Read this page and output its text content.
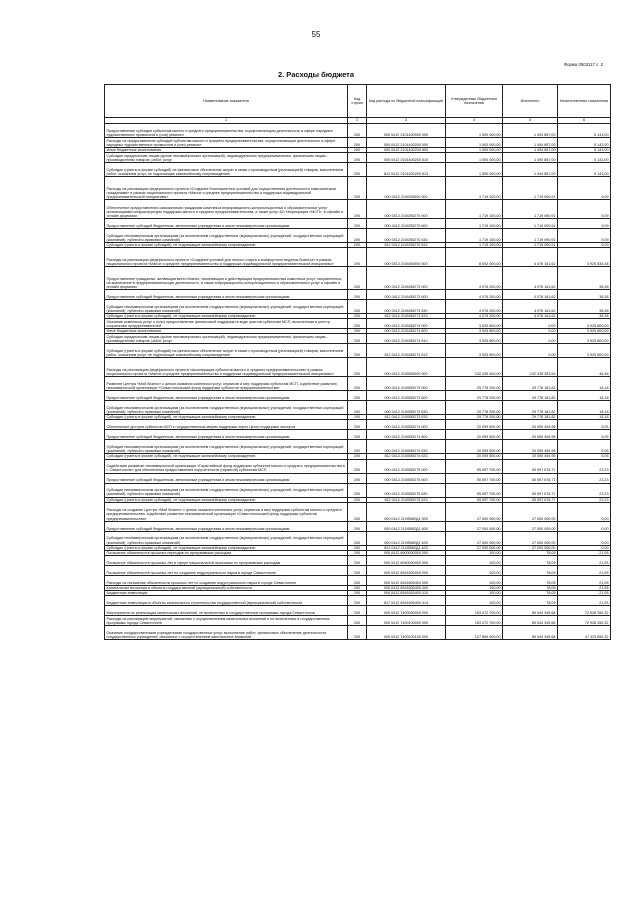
55
Форма 0503117 с. 2
2. Расходы бюджета
Наименование показателя	Код строки	Код расхода по бюджетной классификации	Утвержденные бюджетные назначения	Исполнено	Неисполненные назначения
1	2	3	4	5	6
Предоставление субсидии субъектам малого и среднего предпринимательства, осуществляющим деятельность в сфере народных художественных промыслов и (или) ремесел	200	000 0412 2101400000 000	1 500 000,00	1 494 857,00	5 143,00
Расходы на предоставление субсидий субъектам малого и среднего предпринимательства, осуществляющим деятельность в сфере народных художественных промыслов и (или) ремесел	200	000 0412 2101400200 000	1 500 000,00	1 494 857,00	5 143,00
Иные бюджетные ассигнования	200	000 0412 2101400200 800	1 500 000,00	1 494 857,00	5 143,00
Субсидии юридическим лицам (кроме некоммерческих организаций), индивидуальным предпринимателям, физическим лицам - производителям товаров, работ, услуг	200	000 0412 2101400200 810	1 500 000,00	1 494 857,00	5 143,00
Субсидии (гранты в форме субсидий) на финансовое обеспечение затрат в связи с производством (реализацией) товаров, выполнением работ, оказанием услуг, не подлежащие казначейскому сопровождению	200	812 0412 2101400200 813	1 500 000,00	1 494 857,00	5 143,00
Расходы на реализацию федерального проекта «Создание благоприятных условий для осуществления деятельности самозанятыми гражданами» в рамках национального проекта «Малое и среднее предпринимательство и поддержка индивидуальной предпринимательской инициативы»	200	000 0412 210I200000 000	1 719 100,00	1 719 090,91	9,09
Обеспечение предоставления самозанятым гражданам комплекса информационно-консультационных и образовательных услуг организациями инфраструктуры поддержки малого и среднего предпринимательства, а также услуг АО «Корпорация «МСП», в офлайн и онлайн форматах	200	000 0412 210I255270 000	1 719 100,00	1 719 090,91	9,09
Предоставление субсидий бюджетным, автономным учреждениям и иным некоммерческим организациям	200	000 0412 210I255270 600	1 719 100,00	1 719 090,91	9,09
Субсидии некоммерческим организациям (за исключением государственных (муниципальных) учреждений, государственных корпораций (компаний), публично-правовых компаний)	200	000 0412 210I255270 630	1 719 100,00	1 719 090,91	9,09
Субсидии (гранты в форме субсидий), не подлежащие казначейскому сопровождению	200	812 0412 210I255270 633	1 719 100,00	1 719 090,91	9,09
Расходы на реализацию федерального проекта «Создание условий для легкого старта и комфортного ведения бизнеса» в рамках национального проекта «Малое и среднее предпринимательство и поддержка индивидуальной предпринимательской инициативы»	200	000 0412 210I400000 000	8 002 000,00	4 076 161,62	3 925 838,38
Предоставление гражданам, желающим вести бизнес, начинающим и действующим предпринимателям комплекса услуг, направленных на вовлечение в предпринимательскую деятельность, а также информационно-консультационных и образовательных услуг в офлайн и онлайн форматах	200	000 0412 210I455273 000	4 076 200,00	4 076 161,62	38,38
Предоставление субсидий бюджетным, автономным учреждениям и иным некоммерческим организациям	200	000 0412 210I455273 600	4 076 200,00	4 076 161,62	38,38
Субсидии некоммерческим организациям (за исключением государственных (муниципальных) учреждений, государственных корпораций (компаний), публично-правовых компаний)	200	000 0412 210I455273 630	4 076 200,00	4 076 161,62	38,38
Субсидии (гранты в форме субсидий), не подлежащие казначейскому сопровождению	200	812 0412 210I455273 633	4 076 200,00	4 076 161,62	38,38
Оказание комплекса услуг и (или) предоставление финансовой поддержки в виде грантов субъектам МСП, включенным в реестр социальных предпринимателей	200	000 0412 210I455274 000	3 925 800,00	0,00	3 925 800,00
Иные бюджетные ассигнования	200	000 0412 210I455274 800	3 925 800,00	0,00	3 925 800,00
Субсидии юридическим лицам (кроме некоммерческих организаций), индивидуальным предпринимателям, физическим лицам - производителям товаров, работ, услуг	200	000 0412 210I455274 810	3 925 800,00	0,00	3 925 800,00
Субсидии (гранты в форме субсидий) на финансовое обеспечение затрат в связи с производством (реализацией) товаров, выполнением работ, оказанием услуг, не подлежащие казначейскому сопровождению	200	812 0412 210I455274 813	3 925 800,00	0,00	3 925 800,00
Расходы на реализацию федерального проекта «Акселерация субъектов малого и среднего предпринимательства» в рамках национального проекта «Малое и среднее предпринимательство и поддержка индивидуальной предпринимательской инициативы»	200	000 0412 210I500000 000	132 435 400,00	132 435 353,54	46,46
Развитие Центра «Мой бизнес» с целью оказания комплекса услуг, сервисов и мер поддержки субъектам МСП, содействие развитию некоммерческой организации «Севастопольский фонд поддержки субъектов предпринимательства»	200	000 0412 210I555273 000	29 778 200,00	29 778 181,82	18,18
Предоставление субсидий бюджетным, автономным учреждениям и иным некоммерческим организациям	200	000 0412 210I555273 600	29 778 200,00	29 778 181,82	18,18
Субсидии некоммерческим организациям (за исключением государственных (муниципальных) учреждений, государственных корпораций (компаний), публично-правовых компаний)	200	000 0412 210I555273 630	29 778 200,00	29 778 181,82	18,18
Субсидии (гранты в форме субсидий), не подлежащие казначейскому сопровождению	200	812 0412 210I555273 633	29 778 200,00	29 778 181,82	18,18
Обеспечение доступа субъектов МСП к государственным мерам поддержки через Центр поддержки экспорта	200	000 0412 210I555274 000	20 059 500,00	20 059 494,95	5,05
Предоставление субсидий бюджетным, автономным учреждениям и иным некоммерческим организациям	200	000 0412 210I555274 600	20 059 500,00	20 059 494,95	5,05
Субсидии некоммерческим организациям (за исключением государственных (муниципальных) учреждений, государственных корпораций (компаний), публично-правовых компаний)	200	000 0412 210I555274 630	20 059 500,00	20 059 494,95	5,05
Субсидии (гранты в форме субсидий), не подлежащие казначейскому сопровождению	200	812 0412 210I555274 633	20 059 500,00	20 059 494,95	5,05
Содействие развитию некоммерческой организации «Гарантийный фонд поддержки субъектов малого и среднего предпринимательства в г. Севастополе» для обеспечения предоставления поручительств (гарантий) субъектам МСП	200	000 0412 210I555275 000	55 597 700,00	55 597 676,77	23,23
Предоставление субсидий бюджетным, автономным учреждениям и иным некоммерческим организациям	200	000 0412 210I555275 600	55 597 700,00	55 597 676,77	23,23
Субсидии некоммерческим организациям (за исключением государственных (муниципальных) учреждений, государственных корпораций (компаний), публично-правовых компаний)	200	000 0412 210I555275 630	55 597 700,00	55 597 676,77	23,23
Субсидии (гранты в форме субсидий), не подлежащие казначейскому сопровождению	200	812 0412 210I555275 633	55 597 700,00	55 597 676,77	23,23
Расходы на создание Центра «Мой бизнес» с целью оказания комплекса услуг, сервисов и мер поддержки субъектам малого и среднего предпринимательства, содействие развитию некоммерческой организации «Севастопольский фонд поддержки субъектов предпринимательства»	200	000 0412 210I5582Д1 000	27 000 000,00	27 000 000,00	0,00
Предоставление субсидий бюджетным, автономным учреждениям и иным некоммерческим организациям	200	000 0412 210I5582Д1 600	27 000 000,00	27 000 000,00	0,00
Субсидии некоммерческим организациям (за исключением государственных (муниципальных) учреждений, государственных корпораций (компаний), публично-правовых компаний)	200	000 0412 210I5582Д1 630	27 000 000,00	27 000 000,00	0,00
Субсидии (гранты в форме субсидий), не подлежащие казначейскому сопровождению	200	812 0412 210I5582Д1 633	27 000 000,00	27 000 000,00	0,00
Погашение обязательств прошлых периодов по программным расходам	200	000 0412 6900000000 000	100,00	78,05	21,95
Погашение обязательств прошлых лет в сфере национальной экономики по программным расходам	200	000 0412 6940000000 000	100,00	78,05	21,95
Погашение обязательств прошлых лет по созданию индустриального парка в городе Севастополе	200	000 0412 6941800000 000	100,00	78,05	21,95
Расходы на погашение обязательств прошлых лет по созданию индустриального парка в городе Севастополе	200	000 0412 6941800400 000	100,00	78,05	21,95
Капитальные вложения в объекты государственной (муниципальной) собственности	200	000 0412 6941800400 400	100,00	78,05	21,95
Бюджетные инвестиции	200	000 0412 6941800400 410	100,00	78,05	21,95
Бюджетные инвестиции в объекты капитального строительства государственной (муниципальной) собственности	200	817 0412 6941800400 414	100,00	78,05	21,95
Мероприятия по реализации капитальных вложений, не включенных в государственные программы города Севастополя	200	000 0412 7400000000 000	153 472 700,00	80 544 349,68	72 928 350,32
Расходы на реализацию мероприятий, связанных с осуществлением капитальных вложений и не включенных в государственные программы города Севастополя	200	000 0412 7400100000 000	153 472 700,00	80 544 349,68	72 928 350,32
Оказание государственными учреждениями государственных услуг, выполнение работ, финансовое обеспечение деятельности государственных учреждений, связанных с осуществлением капитальных вложений	200	000 0412 7400100100 000	127 869 000,00	80 544 349,68	47 323 650,32
